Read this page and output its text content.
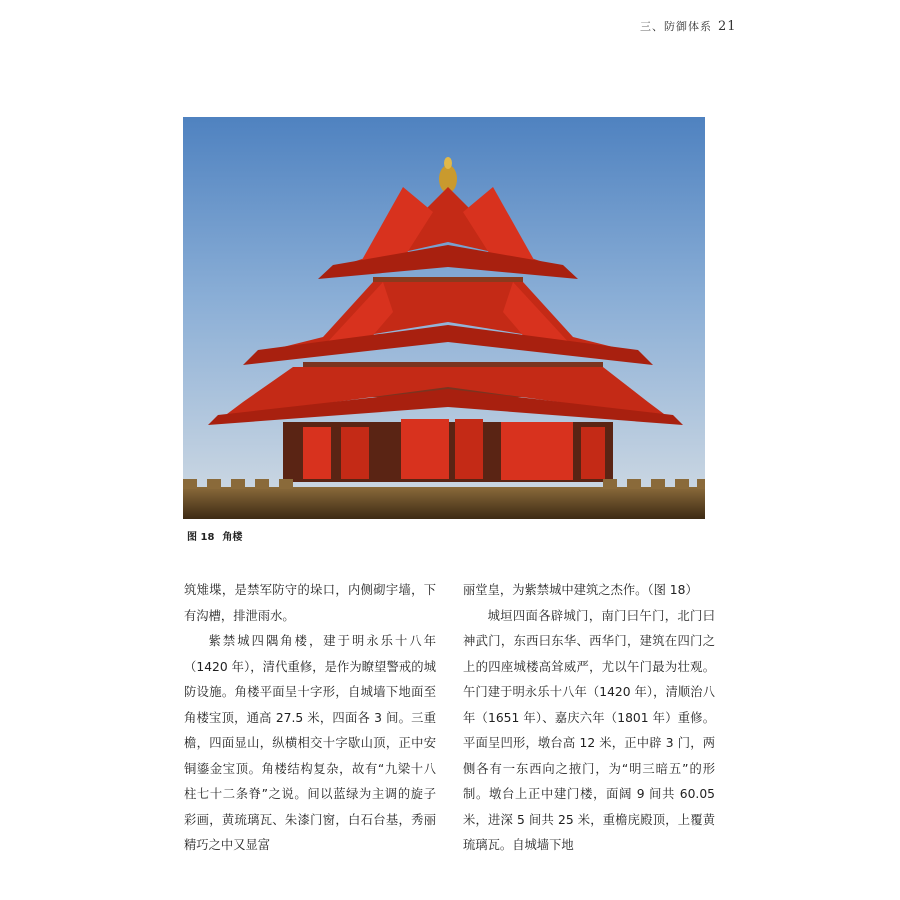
三、防御体系 21
图 18 角楼

筑雉堞，是禁军防守的垛口，内侧砌宇墙，下有沟槽，排泄雨水。

紫禁城四隅角楼，建于明永乐十八年（1420 年），清代重修，是作为瞭望警戒的城防设施。角楼平面呈十字形，自城墙下地面至角楼宝顶，通高 27.5 米，四面各 3 间。三重檐，四面显山，纵横相交十字歇山顶，正中安铜鎏金宝顶。角楼结构复杂，故有“九梁十八柱七十二条脊”之说。间以蓝绿为主调的旋子彩画，黄琉璃瓦、朱漆门窗，白石台基，秀丽精巧之中又显富

丽堂皇，为紫禁城中建筑之杰作。（图 18）

城垣四面各辟城门，南门曰午门，北门曰神武门，东西曰东华、西华门，建筑在四门之上的四座城楼高耸威严，尤以午门最为壮观。午门建于明永乐十八年（1420 年），清顺治八年（1651 年）、嘉庆六年（1801 年）重修。平面呈凹形，墩台高 12 米，正中辟 3 门，两侧各有一东西向之掖门，为“明三暗五”的形制。墩台上正中建门楼，面阔 9 间共 60.05 米，进深 5 间共 25 米，重檐庑殿顶，上覆黄琉璃瓦。自城墙下地
